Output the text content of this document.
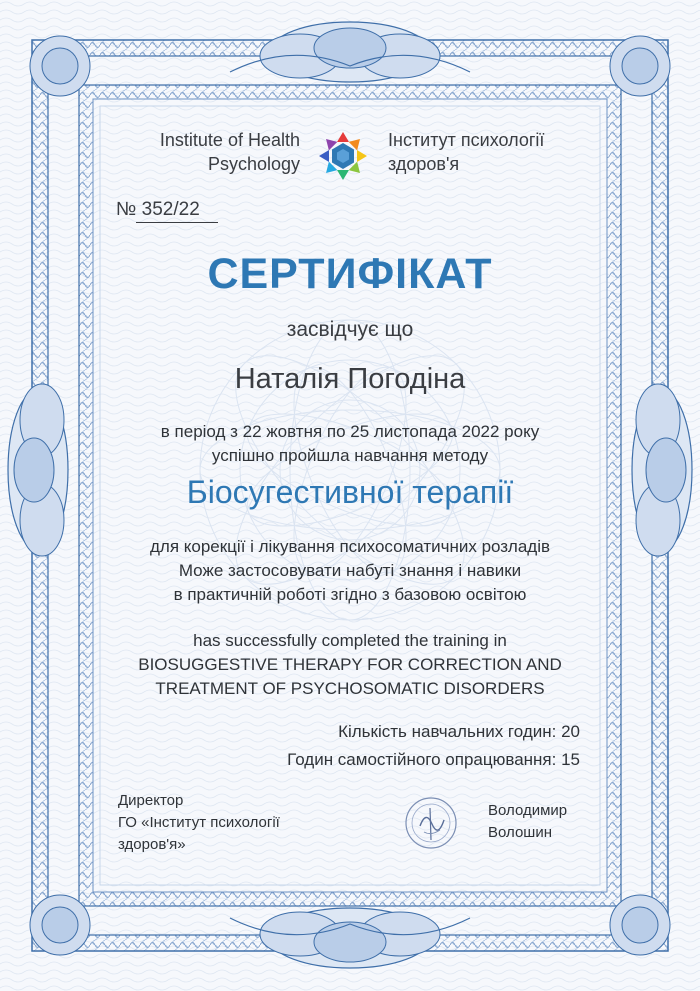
Institute of Health
Psychology
Інститут психології
здоров'я
№ 352/22
СЕРТИФІКАТ
засвідчує що
Наталія Погодіна
в період з 22 жовтня по 25 листопада 2022 року
успішно пройшла навчання методу
Біосугестивної терапії
для корекції і лікування психосоматичних розладів
Може застосовувати набуті знання і навики
в практичній роботі згідно з базовою освітою
has successfully completed the training in
BIOSUGGESTIVE THERAPY FOR CORRECTION AND
TREATMENT OF PSYCHOSOMATIC DISORDERS
Кількість навчальних годин: 20
Годин самостійного опрацювання: 15
Директор
ГО «Інститут психології
здоров'я»
Володимир
Волошин
